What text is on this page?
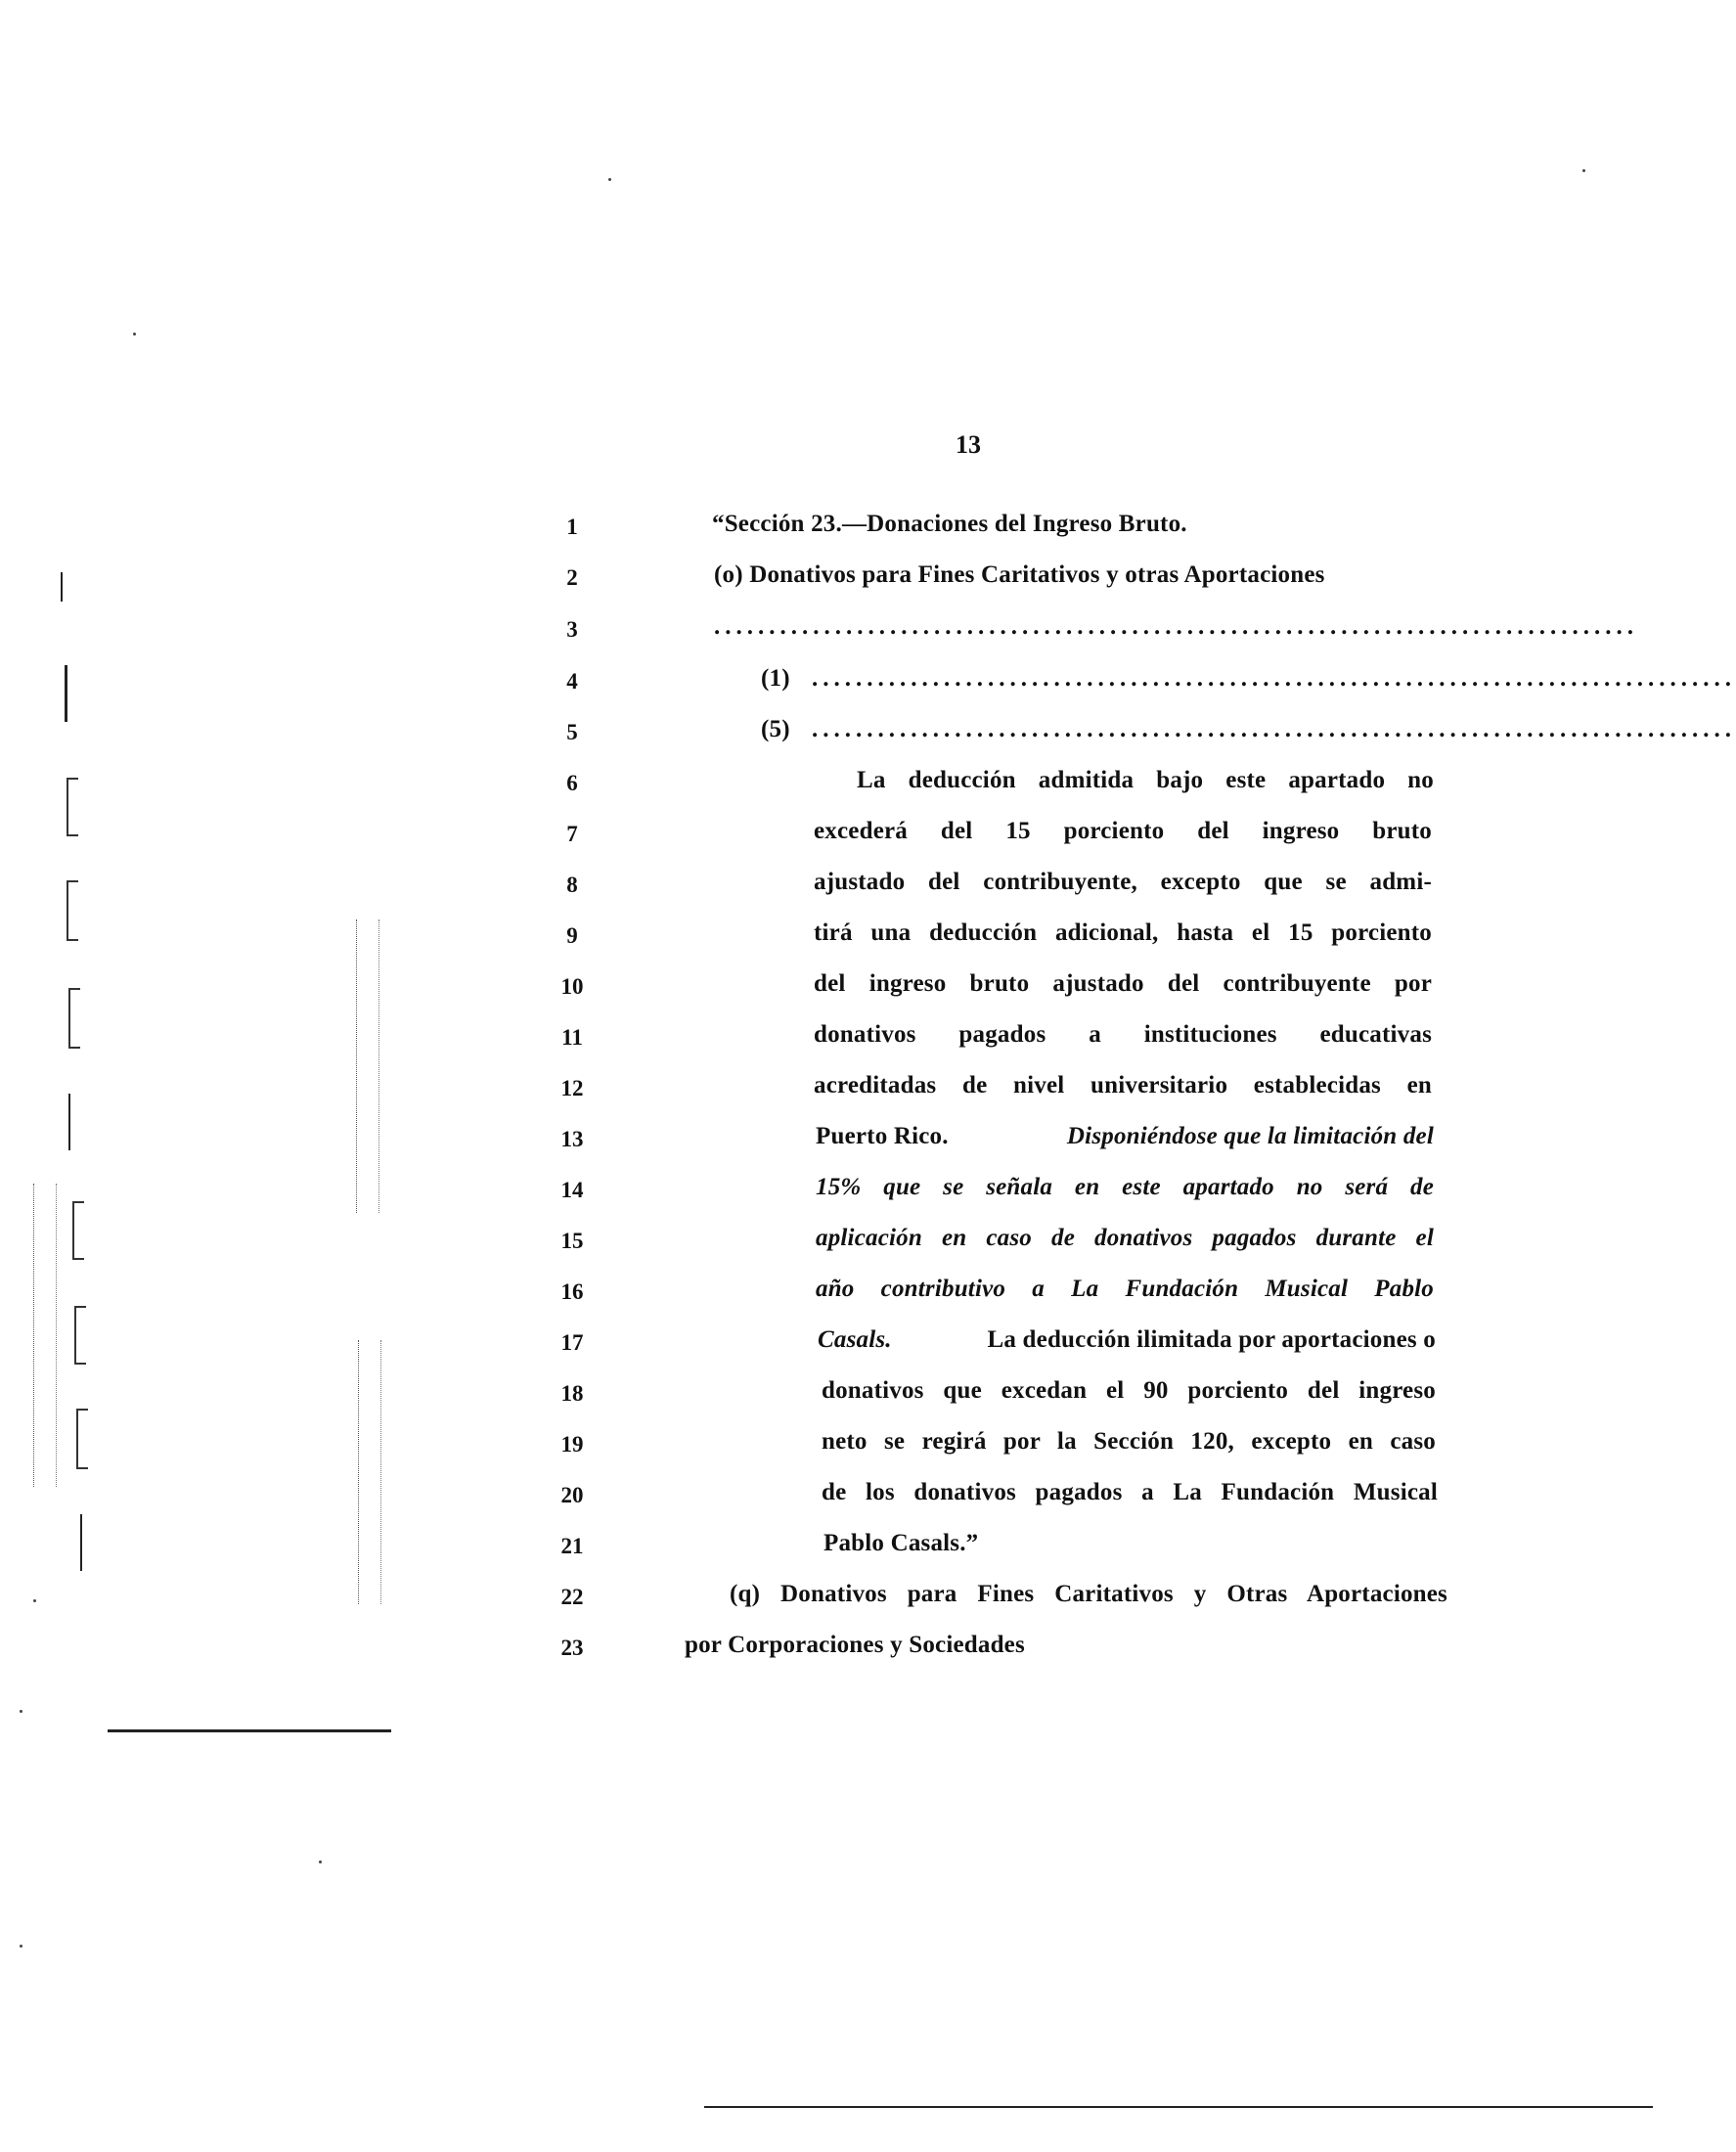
13
1	“Sección 23.—Donaciones del Ingreso Bruto.
2	(o) Donativos para Fines Caritativos y otras Aportaciones
3	....................................................................................
4	(1) ....................................................................................
5	(5) ....................................................................................
6	La deducción admitida bajo este apartado no
7	excederá del 15 porciento del ingreso bruto
8	ajustado del contribuyente, excepto que se admi-
9	tirá una deducción adicional, hasta el 15 porciento
10	del ingreso bruto ajustado del contribuyente por
11	donativos pagados a instituciones educativas
12	acreditadas de nivel universitario establecidas en
13	Puerto Rico.	Disponiéndose que la limitación del
14	15% que se señala en este apartado no será de
15	aplicación en caso de donativos pagados durante el
16	año contributivo a La Fundación Musical Pablo
17	Casals.	La deducción ilimitada por aportaciones o
18	donativos que excedan el 90 porciento del ingreso
19	neto se regirá por la Sección 120, excepto en caso
20	de los donativos pagados a La Fundación Musical
21	Pablo Casals.”
22	(q) Donativos para Fines Caritativos y Otras Aportaciones
23	por Corporaciones y Sociedades
